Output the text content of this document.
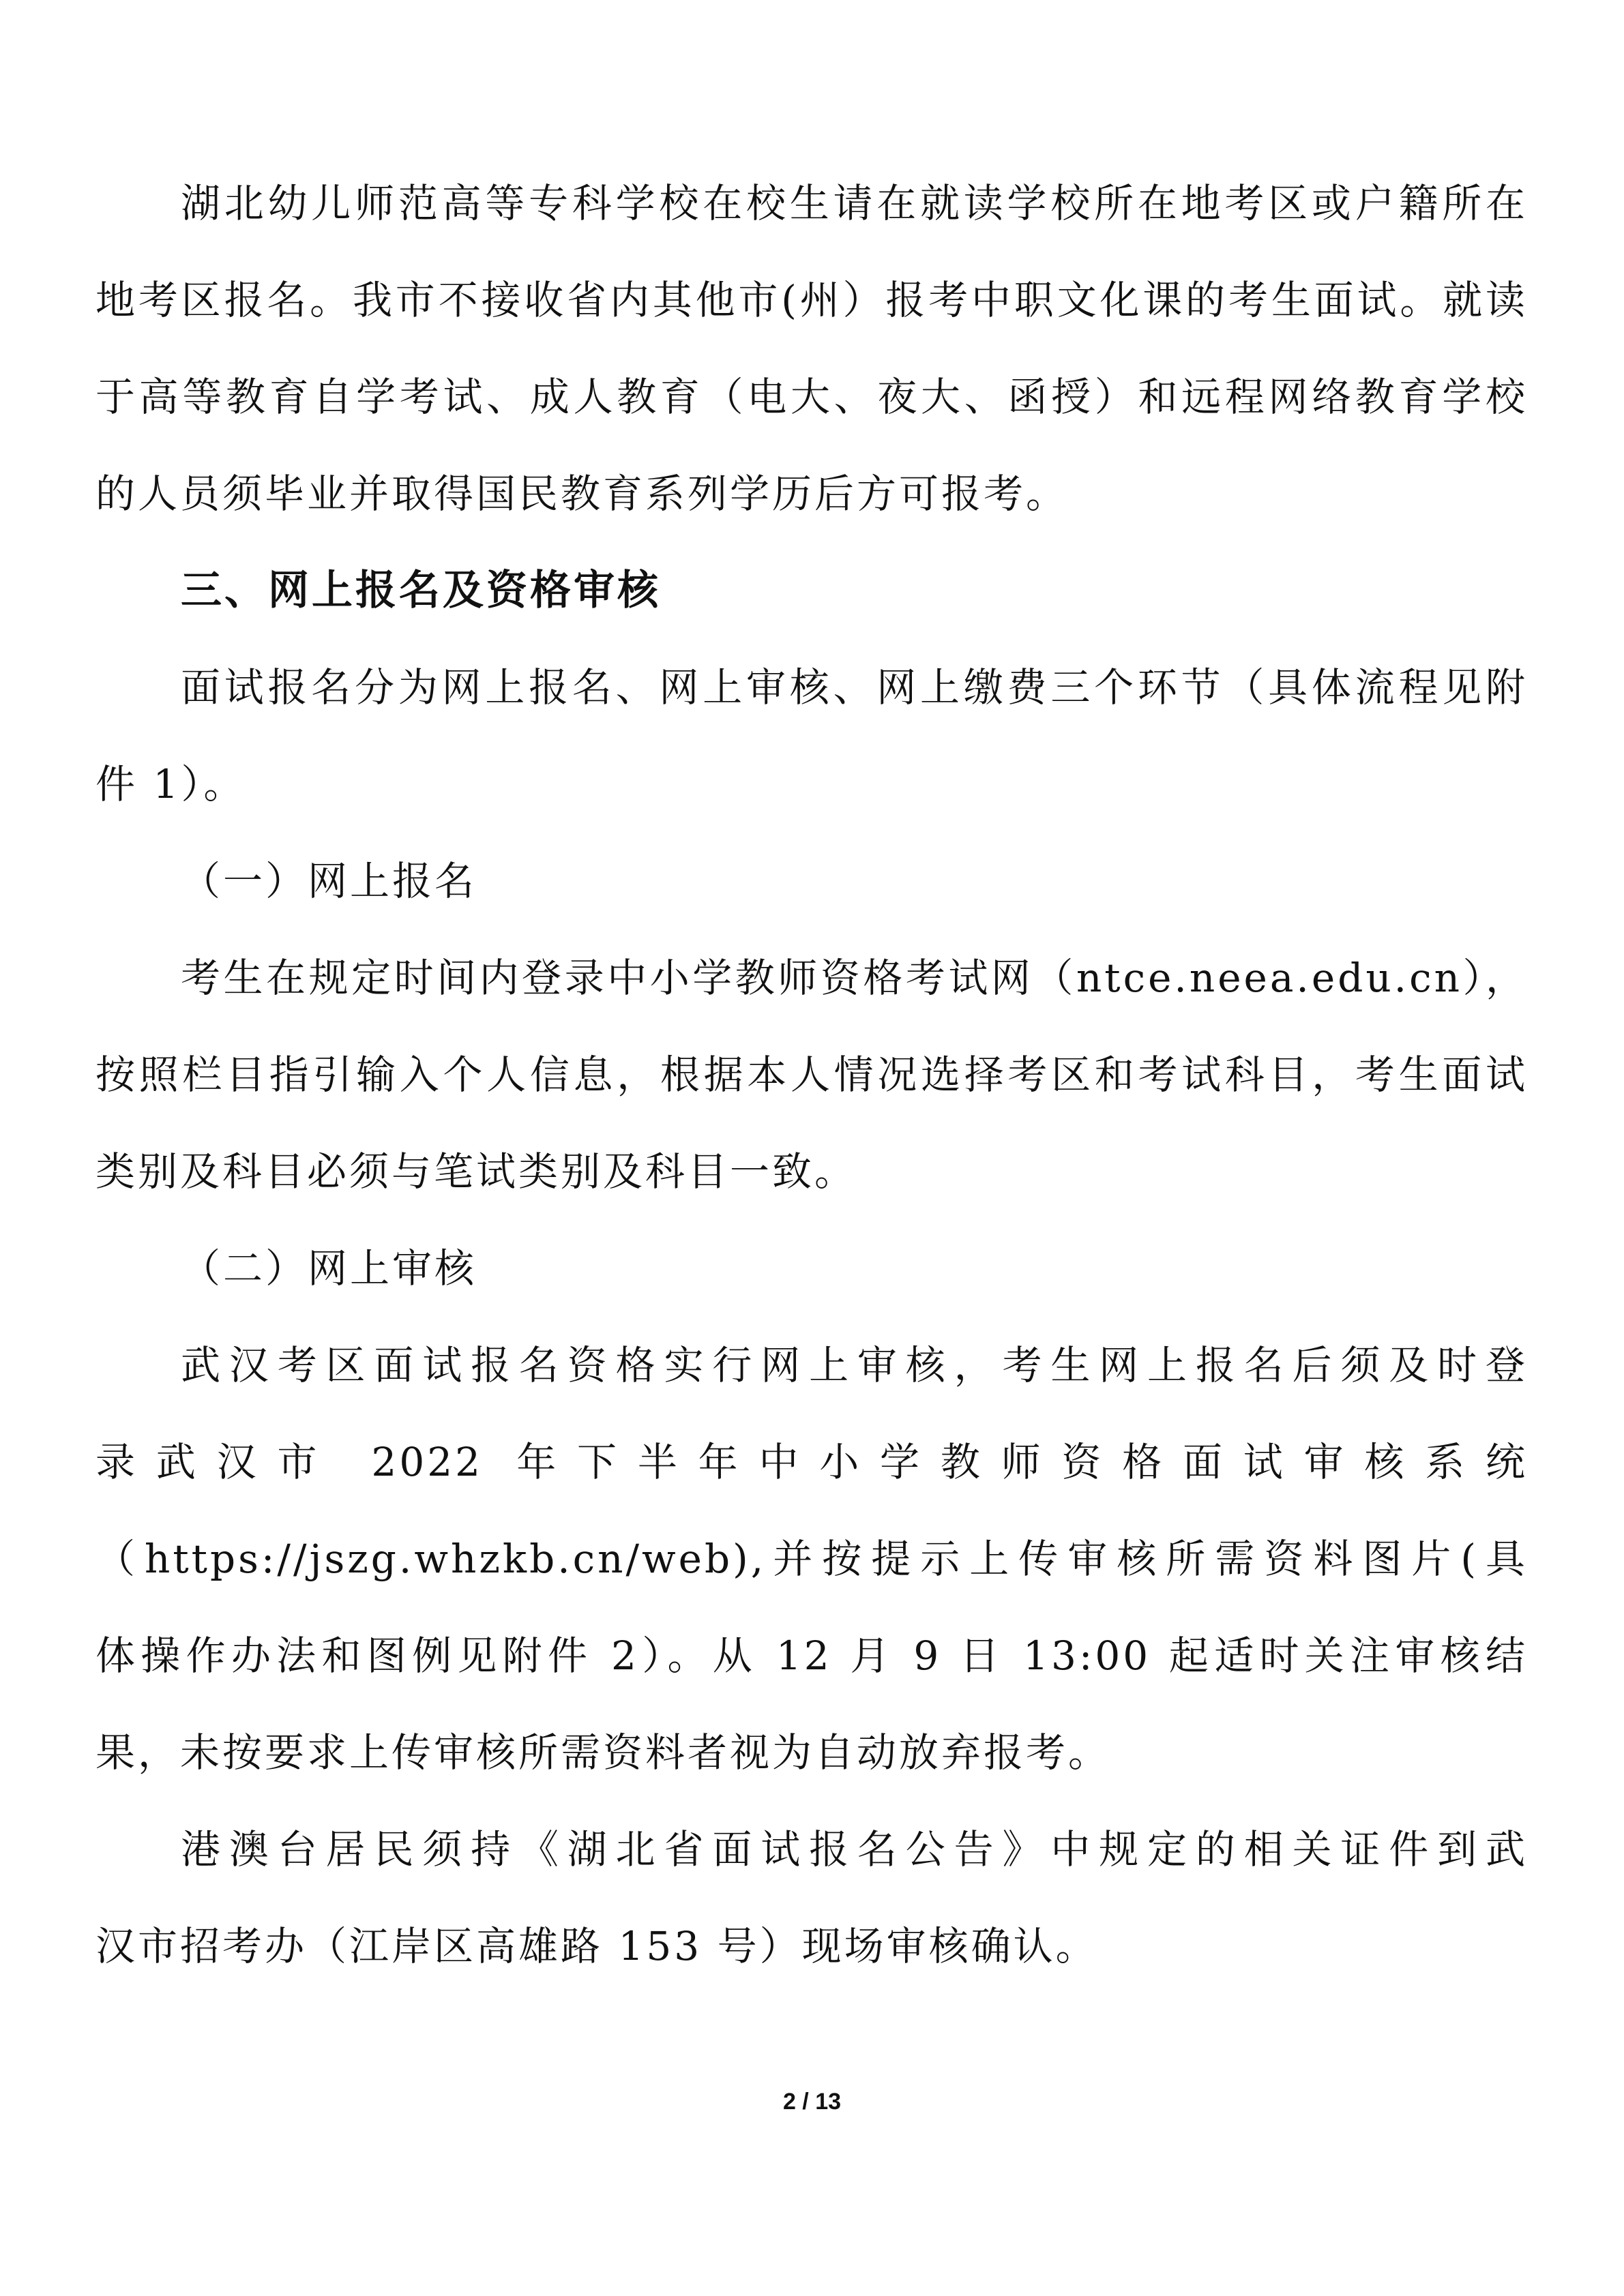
湖北幼儿师范高等专科学校在校生请在就读学校所在地考区或户籍所在
地考区报名。我市不接收省内其他市(州）报考中职文化课的考生面试。就读
于高等教育自学考试、成人教育（电大、夜大、函授）和远程网络教育学校
的人员须毕业并取得国民教育系列学历后方可报考。
三、网上报名及资格审核
面试报名分为网上报名、网上审核、网上缴费三个环节（具体流程见附
件 1）。
（一）网上报名
考生在规定时间内登录中小学教师资格考试网（ntce.neea.edu.cn），
按照栏目指引输入个人信息，根据本人情况选择考区和考试科目，考生面试
类别及科目必须与笔试类别及科目一致。
（二）网上审核
武汉考区面试报名资格实行网上审核，考生网上报名后须及时登
录武汉市 2022 年下半年中小学教师资格面试审核系统
（https://jszg.whzkb.cn/web),并按提示上传审核所需资料图片(具
体操作办法和图例见附件 2）。从 12 月 9 日 13:00 起适时关注审核结
果，未按要求上传审核所需资料者视为自动放弃报考。
港澳台居民须持《湖北省面试报名公告》中规定的相关证件到武
汉市招考办（江岸区高雄路 153 号）现场审核确认。
2 / 13
